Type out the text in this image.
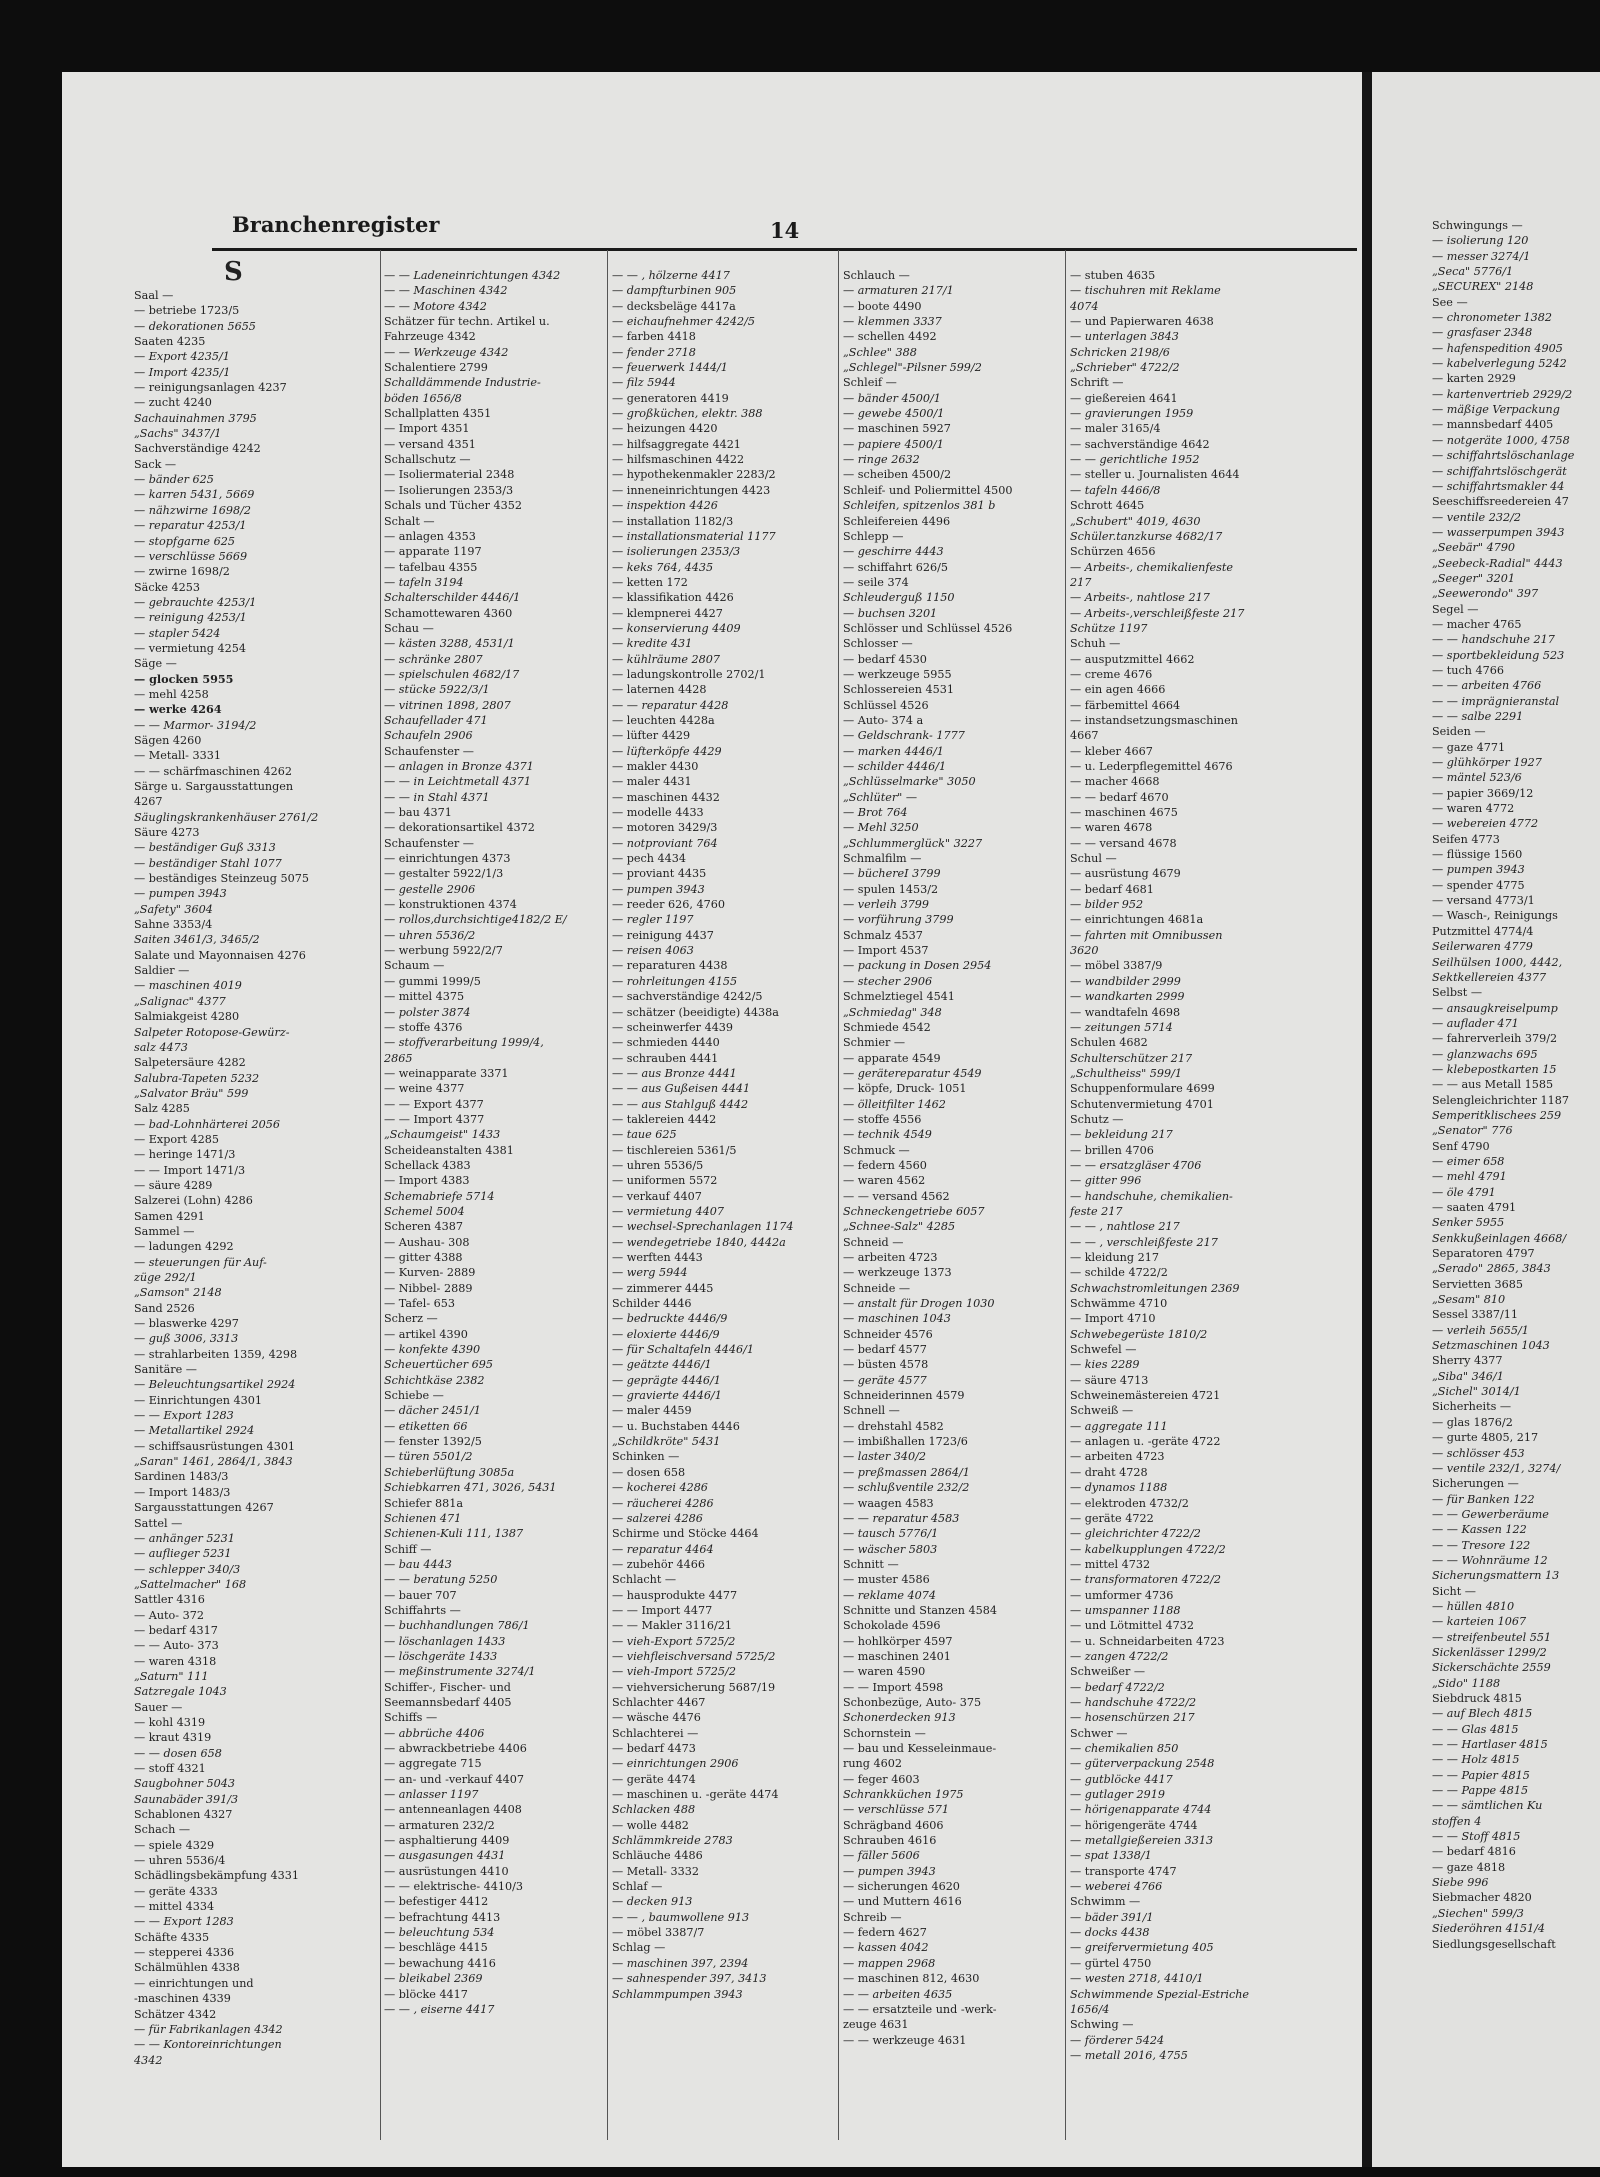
Branchenregister	14
S
Saal —
— betriebe 1723/5
— dekorationen 5655
Saaten 4235
— Export 4235/1
— Import 4235/1
— reinigungsanlagen 4237
— zucht 4240
Sachauinahmen 3795
„Sachs" 3437/1
Sachverständige 4242
Sack —
— bänder 625
— karren 5431, 5669
— nähzwirne 1698/2
— reparatur 4253/1
— stopfgarne 625
— verschlüsse 5669
— zwirne 1698/2
Säcke 4253
— gebrauchte 4253/1
— reinigung 4253/1
— stapler 5424
— vermietung 4254
Säge —
— glocken 5955
— mehl 4258
— werke 4264
— — Marmor- 3194/2
Sägen 4260
— Metall- 3331
— — schärfmaschinen 4262
Särge u. Sargausstattungen
4267
Säuglingskrankenhäuser 2761/2
Säure 4273
— beständiger Guß 3313
— beständiger Stahl 1077
— beständiges Steinzeug 5075
— pumpen 3943
„Safety" 3604
Sahne 3353/4
Saiten 3461/3, 3465/2
Salate und Mayonnaisen 4276
Saldier —
— maschinen 4019
„Salignac" 4377
Salmiakgeist 4280
Salpeter Rotopose-Gewürz-
salz 4473
Salpetersäure 4282
Salubra-Tapeten 5232
„Salvator Bräu" 599
Salz 4285
— bad-Lohnhärterei 2056
— Export 4285
— heringe 1471/3
— — Import 1471/3
— säure 4289
Salzerei (Lohn) 4286
Samen 4291
Sammel —
— ladungen 4292
— steuerungen für Auf-
züge 292/1
„Samson" 2148
Sand 2526
— blaswerke 4297
— guß 3006, 3313
— strahlarbeiten 1359, 4298
Sanitäre —
— Beleuchtungsartikel 2924
— Einrichtungen 4301
— — Export 1283
— Metallartikel 2924
— schiffsausrüstungen 4301
„Saran" 1461, 2864/1, 3843
Sardinen 1483/3
— Import 1483/3
Sargausstattungen 4267
Sattel —
— anhänger 5231
— auflieger 5231
— schlepper 340/3
„Sattelmacher" 168
Sattler 4316
— Auto- 372
— bedarf 4317
— — Auto- 373
— waren 4318
„Saturn" 111
Satzregale 1043
Sauer —
— kohl 4319
— kraut 4319
— — dosen 658
— stoff 4321
Saugbohner 5043
Saunabäder 391/3
Schablonen 4327
Schach —
— spiele 4329
— uhren 5536/4
Schädlingsbekämpfung 4331
— geräte 4333
— mittel 4334
— — Export 1283
Schäfte 4335
— stepperei 4336
Schälmühlen 4338
— einrichtungen und
-maschinen 4339
Schätzer 4342
— für Fabrikanlagen 4342
— — Kontoreinrichtungen
4342
— — Ladeneinrichtungen 4342
— — Maschinen 4342
— — Motore 4342
Schätzer für techn. Artikel u.
Fahrzeuge 4342
— — Werkzeuge 4342
Schalentiere 2799
Schalldämmende Industrie-
böden 1656/8
Schallplatten 4351
— Import 4351
— versand 4351
Schallschutz —
— Isoliermaterial 2348
— Isolierungen 2353/3
Schals und Tücher 4352
Schalt —
— anlagen 4353
— apparate 1197
— tafelbau 4355
— tafeln 3194
Schalterschilder 4446/1
Schamottewaren 4360
Schau —
— kästen 3288, 4531/1
— schränke 2807
— spielschulen 4682/17
— stücke 5922/3/1
— vitrinen 1898, 2807
Schaufellader 471
Schaufeln 2906
Schaufenster —
— anlagen in Bronze 4371
— — in Leichtmetall 4371
— — in Stahl 4371
— bau 4371
— dekorationsartikel 4372
Schaufenster —
— einrichtungen 4373
— gestalter 5922/1/3
— gestelle 2906
— konstruktionen 4374
— rollos,durchsichtige4182/2 E/
— uhren 5536/2
— werbung 5922/2/7
Schaum —
— gummi 1999/5
— mittel 4375
— polster 3874
— stoffe 4376
— stoffverarbeitung 1999/4,
2865
— weinapparate 3371
— weine 4377
— — Export 4377
— — Import 4377
„Schaumgeist" 1433
Scheideanstalten 4381
Schellack 4383
— Import 4383
Schemabriefe 5714
Schemel 5004
Scheren 4387
— Aushau- 308
— gitter 4388
— Kurven- 2889
— Nibbel- 2889
— Tafel- 653
Scherz —
— artikel 4390
— konfekte 4390
Scheuertücher 695
Schichtkäse 2382
Schiebe —
— dächer 2451/1
— etiketten 66
— fenster 1392/5
— türen 5501/2
Schieberlüftung 3085a
Schiebkarren 471, 3026, 5431
Schiefer 881a
Schienen 471
Schienen-Kuli 111, 1387
Schiff —
— bau 4443
— — beratung 5250
— bauer 707
Schiffahrts —
— buchhandlungen 786/1
— löschanlagen 1433
— löschgeräte 1433
— meßinstrumente 3274/1
Schiffer-, Fischer- und
Seemannsbedarf 4405
Schiffs —
— abbrüche 4406
— abwrackbetriebe 4406
— aggregate 715
— an- und -verkauf 4407
— anlasser 1197
— antenneanlagen 4408
— armaturen 232/2
— asphaltierung 4409
— ausgasungen 4431
— ausrüstungen 4410
— — elektrische- 4410/3
— befestiger 4412
— befrachtung 4413
— beleuchtung 534
— beschläge 4415
— bewachung 4416
— bleikabel 2369
— blöcke 4417
— — , eiserne 4417
— — , hölzerne 4417
— dampfturbinen 905
— decksbeläge 4417a
— eichaufnehmer 4242/5
— farben 4418
— fender 2718
— feuerwerk 1444/1
— filz 5944
— generatoren 4419
— großküchen, elektr. 388
— heizungen 4420
— hilfsaggregate 4421
— hilfsmaschinen 4422
— hypothekenmakler 2283/2
— inneneinrichtungen 4423
— inspektion 4426
— installation 1182/3
— installationsmaterial 1177
— isolierungen 2353/3
— keks 764, 4435
— ketten 172
— klassifikation 4426
— klempnerei 4427
— konservierung 4409
— kredite 431
— kühlräume 2807
— ladungskontrolle 2702/1
— laternen 4428
— — reparatur 4428
— leuchten 4428a
— lüfter 4429
— lüfterköpfe 4429
— makler 4430
— maler 4431
— maschinen 4432
— modelle 4433
— motoren 3429/3
— notproviant 764
— pech 4434
— proviant 4435
— pumpen 3943
— reeder 626, 4760
— regler 1197
— reinigung 4437
— reisen 4063
— reparaturen 4438
— rohrleitungen 4155
— sachverständige 4242/5
— schätzer (beeidigte) 4438a
— scheinwerfer 4439
— schmieden 4440
— schrauben 4441
— — aus Bronze 4441
— — aus Gußeisen 4441
— — aus Stahlguß 4442
— taklereien 4442
— taue 625
— tischlereien 5361/5
— uhren 5536/5
— uniformen 5572
— verkauf 4407
— vermietung 4407
— wechsel-Sprechanlagen 1174
— wendegetriebe 1840, 4442a
— werften 4443
— werg 5944
— zimmerer 4445
Schilder 4446
— bedruckte 4446/9
— eloxierte 4446/9
— für Schaltafeln 4446/1
— geätzte 4446/1
— geprägte 4446/1
— gravierte 4446/1
— maler 4459
— u. Buchstaben 4446
„Schildkröte" 5431
Schinken —
— dosen 658
— kocherei 4286
— räucherei 4286
— salzerei 4286
Schirme und Stöcke 4464
— reparatur 4464
— zubehör 4466
Schlacht —
— hausprodukte 4477
— — Import 4477
— — Makler 3116/21
— vieh-Export 5725/2
— viehfleischversand 5725/2
— vieh-Import 5725/2
— viehversicherung 5687/19
Schlachter 4467
— wäsche 4476
Schlachterei —
— bedarf 4473
— einrichtungen 2906
— geräte 4474
— maschinen u. -geräte 4474
Schlacken 488
— wolle 4482
Schlämmkreide 2783
Schläuche 4486
— Metall- 3332
Schlaf —
— decken 913
— — , baumwollene 913
— möbel 3387/7
Schlag —
— maschinen 397, 2394
— sahnespender 397, 3413
Schlammpumpen 3943
Schlauch —
— armaturen 217/1
— boote 4490
— klemmen 3337
— schellen 4492
„Schlee" 388
„Schlegel"-Pilsner 599/2
Schleif —
— bänder 4500/1
— gewebe 4500/1
— maschinen 5927
— papiere 4500/1
— ringe 2632
— scheiben 4500/2
Schleif- und Poliermittel 4500
Schleifen, spitzenlos 381 b
Schleifereien 4496
Schlepp —
— geschirre 4443
— schiffahrt 626/5
— seile 374
Schleuderguß 1150
— buchsen 3201
Schlösser und Schlüssel 4526
Schlosser —
— bedarf 4530
— werkzeuge 5955
Schlossereien 4531
Schlüssel 4526
— Auto- 374 a
— Geldschrank- 1777
— marken 4446/1
— schilder 4446/1
„Schlüsselmarke" 3050
„Schlüter" —
— Brot 764
— Mehl 3250
„Schlummerglück" 3227
Schmalfilm —
— büchereI 3799
— spulen 1453/2
— verleih 3799
— vorführung 3799
Schmalz 4537
— Import 4537
— packung in Dosen 2954
— stecher 2906
Schmelztiegel 4541
„Schmiedag" 348
Schmiede 4542
Schmier —
— apparate 4549
— gerätereparatur 4549
— köpfe, Druck- 1051
— ölleitfilter 1462
— stoffe 4556
— technik 4549
Schmuck —
— federn 4560
— waren 4562
— — versand 4562
Schneckengetriebe 6057
„Schnee-Salz" 4285
Schneid —
— arbeiten 4723
— werkzeuge 1373
Schneide —
— anstalt für Drogen 1030
— maschinen 1043
Schneider 4576
— bedarf 4577
— büsten 4578
— geräte 4577
Schneiderinnen 4579
Schnell —
— drehstahl 4582
— imbißhallen 1723/6
— laster 340/2
— preßmassen 2864/1
— schlußventile 232/2
— waagen 4583
— — reparatur 4583
— tausch 5776/1
— wäscher 5803
Schnitt —
— muster 4586
— reklame 4074
Schnitte und Stanzen 4584
Schokolade 4596
— hohlkörper 4597
— maschinen 2401
— waren 4590
— — Import 4598
Schonbezüge, Auto- 375
Schonerdecken 913
Schornstein —
— bau und Kesseleinmaue-
rung 4602
— feger 4603
Schrankküchen 1975
— verschlüsse 571
Schrägband 4606
Schrauben 4616
— fäller 5606
— pumpen 3943
— sicherungen 4620
— und Muttern 4616
Schreib —
— federn 4627
— kassen 4042
— mappen 2968
— maschinen 812, 4630
— — arbeiten 4635
— — ersatzteile und -werk-
zeuge 4631
— — werkzeuge 4631
— stuben 4635
— tischuhren mit Reklame
4074
— und Papierwaren 4638
— unterlagen 3843
Schricken 2198/6
„Schrieber" 4722/2
Schrift —
— gießereien 4641
— gravierungen 1959
— maler 3165/4
— sachverständige 4642
— — gerichtliche 1952
— steller u. Journalisten 4644
— tafeln 4466/8
Schrott 4645
„Schubert" 4019, 4630
Schüler.tanzkurse 4682/17
Schürzen 4656
— Arbeits-, chemikalienfeste
217
— Arbeits-, nahtlose 217
— Arbeits-,verschleißfeste 217
Schütze 1197
Schuh —
— ausputzmittel 4662
— creme 4676
— ein agen 4666
— färbemittel 4664
— instandsetzungsmaschinen
4667
— kleber 4667
— u. Lederpflegemittel 4676
— macher 4668
— — bedarf 4670
— maschinen 4675
— waren 4678
— — versand 4678
Schul —
— ausrüstung 4679
— bedarf 4681
— bilder 952
— einrichtungen 4681a
— fahrten mit Omnibussen
3620
— möbel 3387/9
— wandbilder 2999
— wandkarten 2999
— wandtafeln 4698
— zeitungen 5714
Schulen 4682
Schulterschützer 217
„Schultheiss" 599/1
Schuppenformulare 4699
Schutenvermietung 4701
Schutz —
— bekleidung 217
— brillen 4706
— — ersatzgläser 4706
— gitter 996
— handschuhe, chemikalien-
feste 217
— — , nahtlose 217
— — , verschleißfeste 217
— kleidung 217
— schilde 4722/2
Schwachstromleitungen 2369
Schwämme 4710
— Import 4710
Schwebegerüste 1810/2
Schwefel —
— kies 2289
— säure 4713
Schweinemästereien 4721
Schweiß —
— aggregate 111
— anlagen u. -geräte 4722
— arbeiten 4723
— draht 4728
— dynamos 1188
— elektroden 4732/2
— geräte 4722
— gleichrichter 4722/2
— kabelkupplungen 4722/2
— mittel 4732
— transformatoren 4722/2
— umformer 4736
— umspanner 1188
— und Lötmittel 4732
— u. Schneidarbeiten 4723
— zangen 4722/2
Schweißer —
— bedarf 4722/2
— handschuhe 4722/2
— hosenschürzen 217
Schwer —
— chemikalien 850
— güterverpackung 2548
— gutblöcke 4417
— gutlager 2919
— hörigenapparate 4744
— hörigengeräte 4744
— metallgießereien 3313
— spat 1338/1
— transporte 4747
— weberei 4766
Schwimm —
— bäder 391/1
— docks 4438
— greifervermietung 405
— gürtel 4750
— westen 2718, 4410/1
Schwimmende Spezial-Estriche
1656/4
Schwing —
— förderer 5424
— metall 2016, 4755
Schwingungs —
— isolierung 120
— messer 3274/1
„Seca" 5776/1
„SECUREX" 2148
See —
— chronometer 1382
— grasfaser 2348
— hafenspedition 4905
— kabelverlegung 5242
— karten 2929
— kartenvertrieb 2929/2
— mäßige Verpackung
— mannsbedarf 4405
— notgeräte 1000, 4758
— schiffahrtslöschanlage
— schiffahrtslöschgerät
— schiffahrtsmakler 44
Seeschiffsreedereien 47
— ventile 232/2
— wasserpumpen 3943
„Seebär" 4790
„Seebeck-Radial" 4443
„Seeger" 3201
„Seewerondo" 397
Segel —
— macher 4765
— — handschuhe 217
— sportbekleidung 523
— tuch 4766
— — arbeiten 4766
— — imprägnieranstal
— — salbe 2291
Seiden —
— gaze 4771
— glühkörper 1927
— mäntel 523/6
— papier 3669/12
— waren 4772
— webereien 4772
Seifen 4773
— flüssige 1560
— pumpen 3943
— spender 4775
— versand 4773/1
— Wasch-, Reinigungs
Putzmittel 4774/4
Seilerwaren 4779
Seilhülsen 1000, 4442,
Sektkellereien 4377
Selbst —
— ansaugkreiselpump
— auflader 471
— fahrerverleih 379/2
— glanzwachs 695
— klebepostkarten 15
— — aus Metall 1585
Selengleichrichter 1187
Semperitklischees 259
„Senator" 776
Senf 4790
— eimer 658
— mehl 4791
— öle 4791
— saaten 4791
Senker 5955
Senkkußeinlagen 4668/
Separatoren 4797
„Serado" 2865, 3843
Servietten 3685
„Sesam" 810
Sessel 3387/11
— verleih 5655/1
Setzmaschinen 1043
Sherry 4377
„Siba" 346/1
„Sichel" 3014/1
Sicherheits —
— glas 1876/2
— gurte 4805, 217
— schlösser 453
— ventile 232/1, 3274/
Sicherungen —
— für Banken 122
— — Gewerberäume
— — Kassen 122
— — Tresore 122
— — Wohnräume 12
Sicherungsmattern 13
Sicht —
— hüllen 4810
— karteien 1067
— streifenbeutel 551
Sickenlässer 1299/2
Sickerschächte 2559
„Sido" 1188
Siebdruck 4815
— auf Blech 4815
— — Glas 4815
— — Hartlaser 4815
— — Holz 4815
— — Papier 4815
— — Pappe 4815
— — sämtlichen Ku
stoffen 4
— — Stoff 4815
— bedarf 4816
— gaze 4818
Siebe 996
Siebmacher 4820
„Siechen" 599/3
Siederöhren 4151/4
Siedlungsgesellschaft
